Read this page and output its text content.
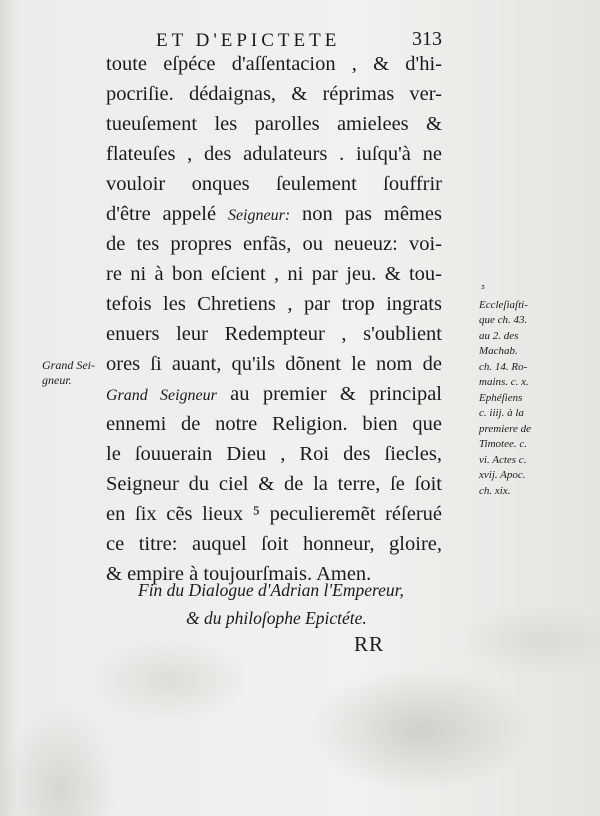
ET D'EPICTETE	313
toute eſpéce d'aſſentacion , & d'hi-
pocriſie. dédaignas, & réprimas ver-
tueuſement les parolles amielees &
flateuſes , des adulateurs . iuſqu'à ne
vouloir onques ſeulement ſouffrir
d'être appelé Seigneur: non pas mêmes
de tes propres enfãs, ou neueuz: voi-
re ni à bon eſcient , ni par jeu. & tou-
tefois les Chretiens , par trop ingrats
enuers leur Redempteur , s'oublient
ores ſi auant, qu'ils dõnent le nom de
Grand Seigneur au premier & principal
ennemi de notre Religion. bien que
le ſouuerain Dieu , Roi des ſiecles,
Seigneur du ciel & de la terre, ſe ſoit
en ſix cẽs lieux ⁵ peculieremẽt réſerué
ce titre: auquel ſoit honneur, gloire,
& empire à toujourſmais. Amen.
Grand Sei-
gneur.
⁵
Eccleſiaſti-
que ch. 43.
au 2. des
Machab.
ch. 14. Ro-
mains. c. x.
Ephéſiens
c. iiij. à la
premiere de
Timotee. c.
vi. Actes c.
xvij. Apoc.
ch. xix.
Fin du Dialogue d'Adrian l'Empereur,
& du philoſophe Epictéte.
RR
